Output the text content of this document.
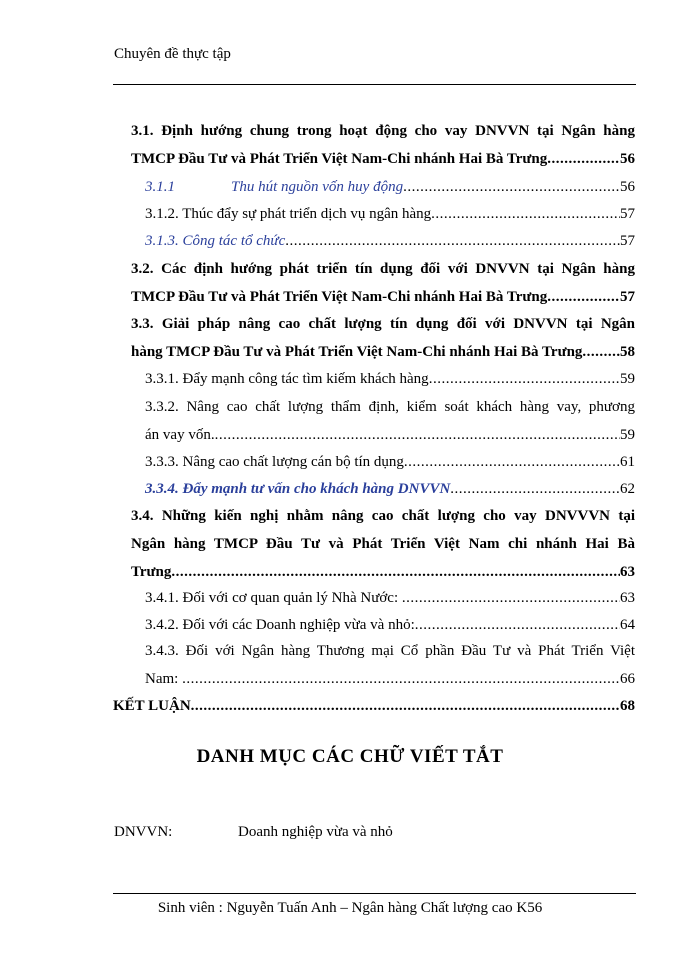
Chuyên đề thực tập
3.1. Định hướng chung trong hoạt động cho vay DNVVN tại Ngân hàng
TMCP Đầu Tư và Phát Triển Việt Nam-Chi nhánh Hai Bà Trưng .....	56
3.1.1	Thu hút nguồn vốn huy động .....	56
3.1.2. Thúc đẩy sự phát triển dịch vụ ngân hàng .....	57
3.1.3. Công tác tổ chức .....	57
3.2. Các định hướng phát triển tín dụng đối với DNVVN tại Ngân hàng
TMCP Đầu Tư và Phát Triển Việt Nam-Chi nhánh Hai Bà Trưng .....	57
3.3. Giải pháp nâng cao chất lượng tín dụng đối với DNVVN tại Ngân
hàng TMCP Đầu Tư và Phát Triển Việt Nam-Chi nhánh Hai Bà Trưng .....	58
3.3.1. Đẩy mạnh công tác tìm kiếm khách hàng .....	59
3.3.2. Nâng cao chất lượng thẩm định, kiểm soát khách hàng vay, phương
án vay vốn. .....	59
3.3.3. Nâng cao chất lượng cán bộ tín dụng .....	61
3.3.4. Đẩy mạnh tư vấn cho khách hàng DNVVN .....	62
3.4. Những kiến nghị nhằm nâng cao chất lượng cho vay DNVVVN tại
Ngân hàng TMCP Đầu Tư và Phát Triển Việt Nam chi nhánh Hai Bà
Trưng .....	63
3.4.1. Đối với cơ quan quản lý Nhà Nước: .....	63
3.4.2. Đối với các Doanh nghiệp vừa và nhỏ: .....	64
3.4.3. Đối với Ngân hàng Thương mại Cổ phần Đầu Tư và Phát Triển Việt
Nam: .....	66
KẾT LUẬN .....	68
DANH MỤC CÁC CHỮ VIẾT TẮT
DNVVN:	Doanh nghiệp vừa và nhỏ
Sinh viên : Nguyễn Tuấn Anh – Ngân hàng Chất lượng cao K56
